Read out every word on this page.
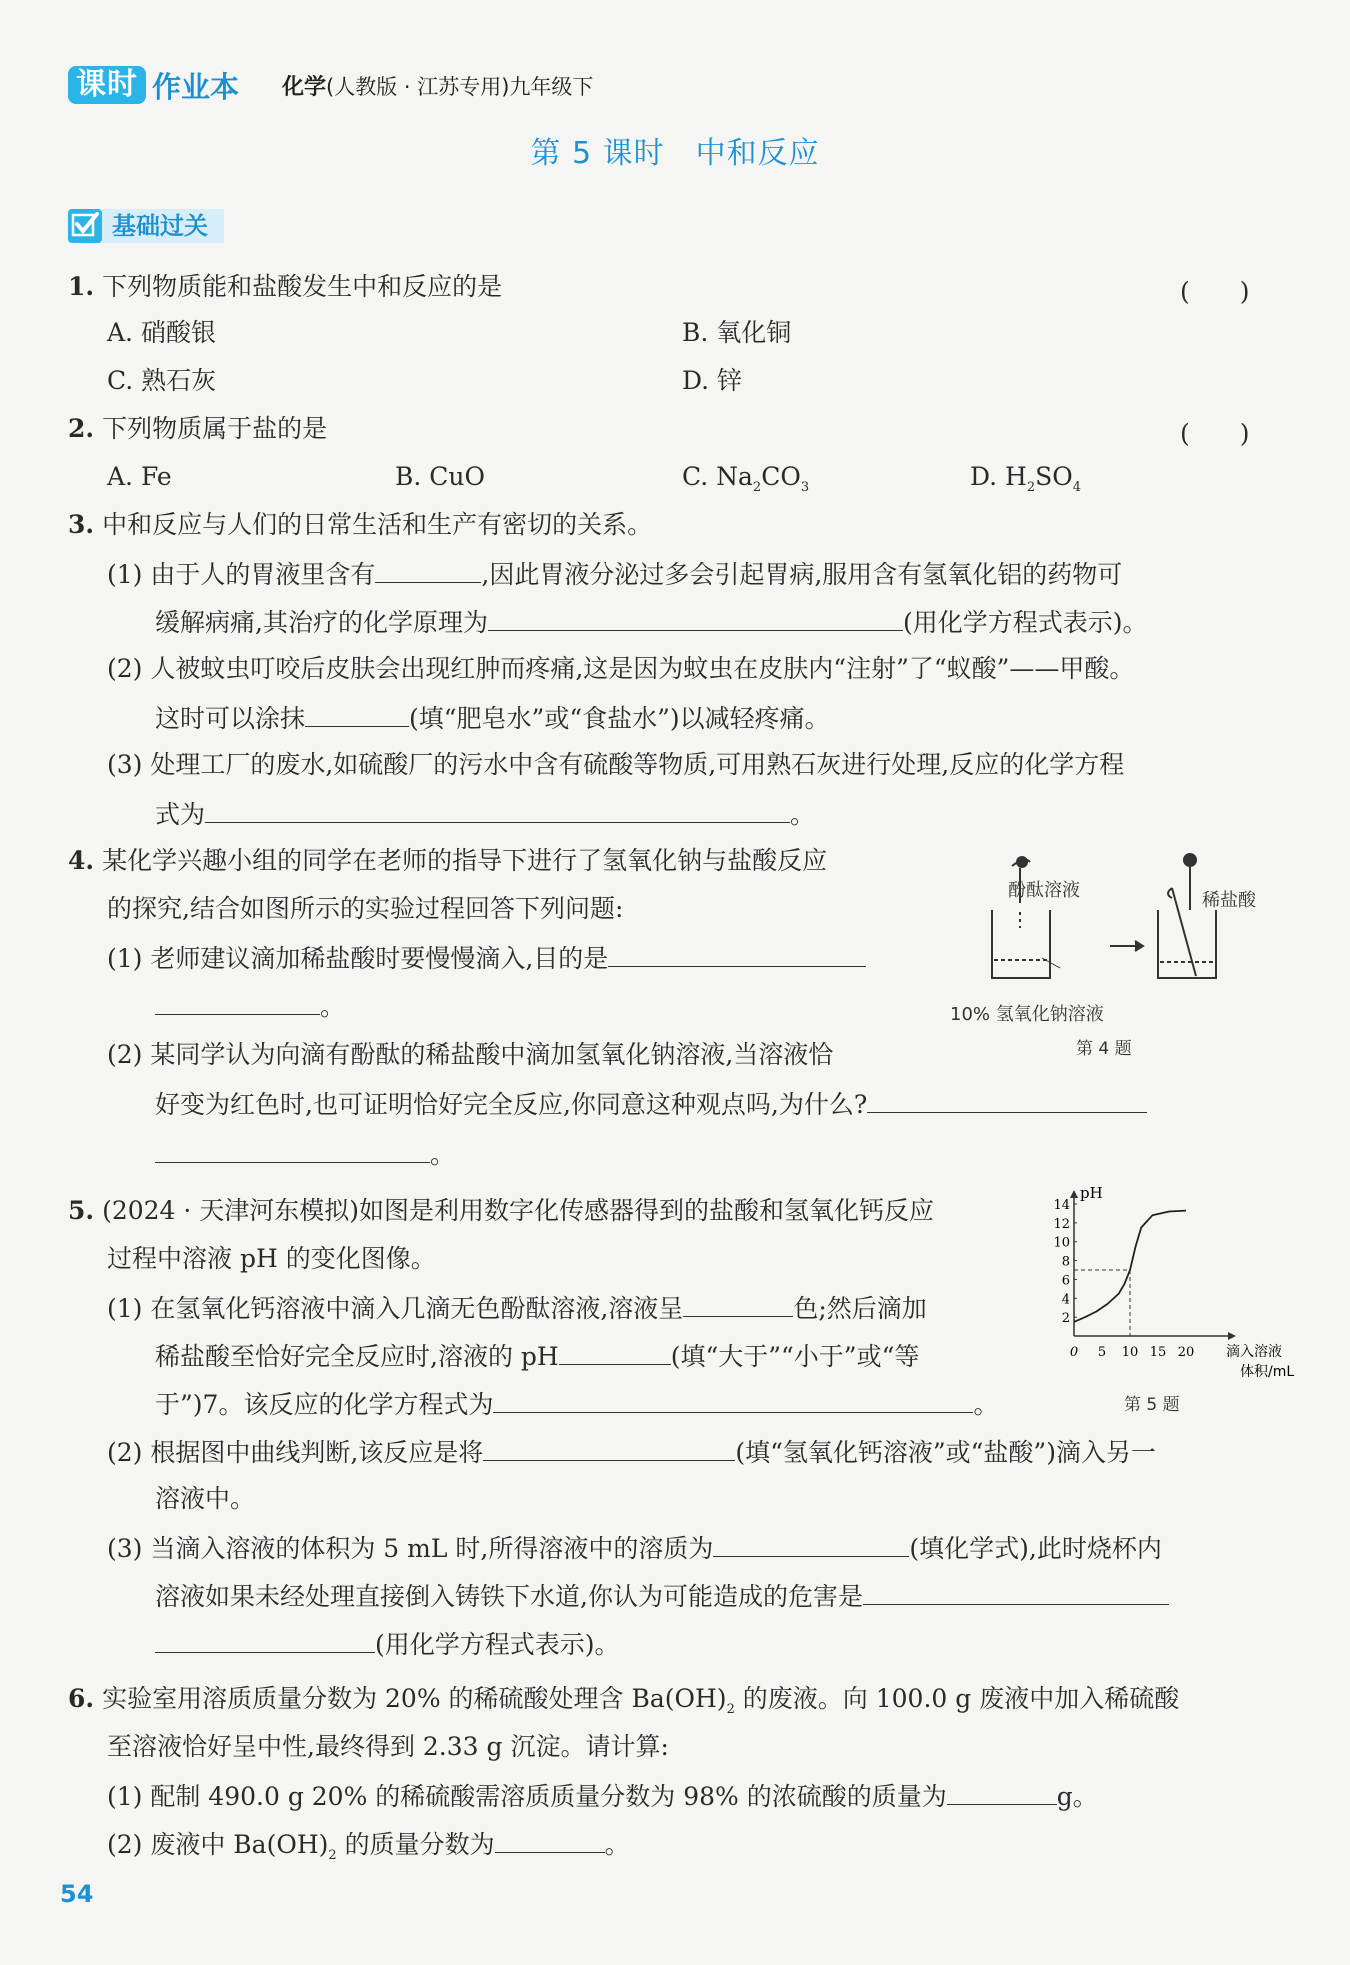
课时 作业本 化学(人教版 · 江苏专用)九年级下
第 5 课时　中和反应
基础过关
1. 下列物质能和盐酸发生中和反应的是	(　　)
A. 硝酸银	B. 氧化铜
C. 熟石灰	D. 锌
2. 下列物质属于盐的是	(　　)
A. Fe	B. CuO	C. $Na_2CO_3$	D. $H_2SO_4$
3. 中和反应与人们的日常生活和生产有密切的关系。
(1) 由于人的胃液里含有	,因此胃液分泌过多会引起胃病,服用含有氢氧化铝的药物可
缓解病痛,其治疗的化学原理为	(用化学方程式表示)。
(2) 人被蚊虫叮咬后皮肤会出现红肿而疼痛,这是因为蚊虫在皮肤内“注射”了“蚁酸”——甲酸。
这时可以涂抹	(填“肥皂水”或“食盐水”)以减轻疼痛。
(3) 处理工厂的废水,如硫酸厂的污水中含有硫酸等物质,可用熟石灰进行处理,反应的化学方程
式为	。
4. 某化学兴趣小组的同学在老师的指导下进行了氢氧化钠与盐酸反应
的探究,结合如图所示的实验过程回答下列问题:
(1) 老师建议滴加稀盐酸时要慢慢滴入,目的是
。
(2) 某同学认为向滴有酚酞的稀盐酸中滴加氢氧化钠溶液,当溶液恰
好变为红色时,也可证明恰好完全反应,你同意这种观点吗,为什么?
。
酚酞溶液	稀盐酸
10% 氢氧化钠溶液
第 4 题
5. (2024 · 天津河东模拟)如图是利用数字化传感器得到的盐酸和氢氧化钙反应
过程中溶液 pH 的变化图像。
(1) 在氢氧化钙溶液中滴入几滴无色酚酞溶液,溶液呈	色;然后滴加
稀盐酸至恰好完全反应时,溶液的 pH	(填“大于”“小于”或“等
于”)7。该反应的化学方程式为	。
(2) 根据图中曲线判断,该反应是将	(填“氢氧化钙溶液”或“盐酸”)滴入另一
溶液中。
(3) 当滴入溶液的体积为 5 mL 时,所得溶液中的溶质为	(填化学式),此时烧杯内
溶液如果未经处理直接倒入铸铁下水道,你认为可能造成的危害是
(用化学方程式表示)。
pH
2
4
6
8
10
12
14
0 5 10 15 20 滴入溶液
体积/mL
第 5 题
6. 实验室用溶质质量分数为 20% 的稀硫酸处理含 $Ba(OH)_2$ 的废液。向 100.0 g 废液中加入稀硫酸
至溶液恰好呈中性,最终得到 2.33 g 沉淀。请计算:
(1) 配制 490.0 g 20% 的稀硫酸需溶质质量分数为 98% 的浓硫酸的质量为	g。
(2) 废液中 $Ba(OH)_2$ 的质量分数为	。
54
